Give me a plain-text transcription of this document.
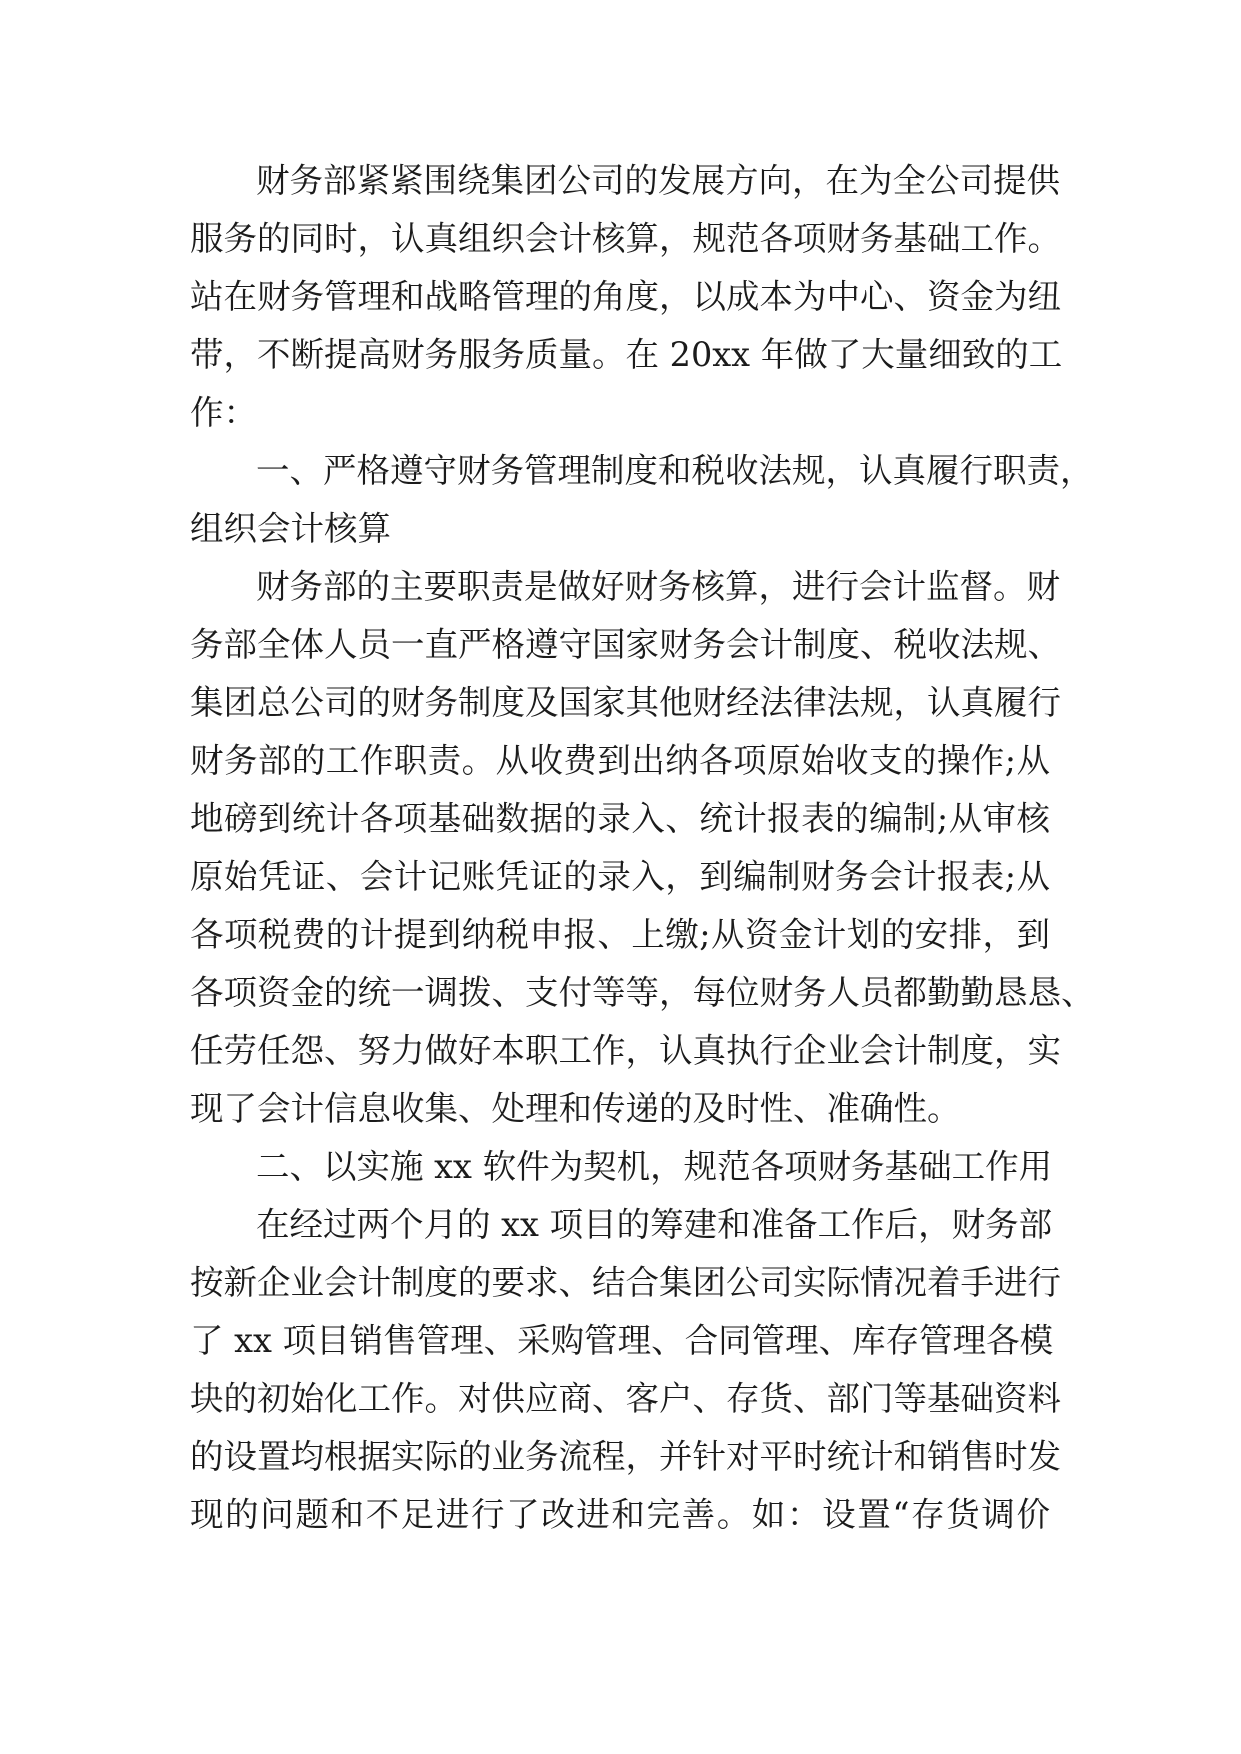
财务部紧紧围绕集团公司的发展方向，在为全公司提供
服务的同时，认真组织会计核算，规范各项财务基础工作。
站在财务管理和战略管理的角度，以成本为中心、资金为纽
带，不断提高财务服务质量。在 20xx 年做了大量细致的工
作：
一、严格遵守财务管理制度和税收法规，认真履行职责，
组织会计核算
财务部的主要职责是做好财务核算，进行会计监督。财
务部全体人员一直严格遵守国家财务会计制度、税收法规、
集团总公司的财务制度及国家其他财经法律法规，认真履行
财务部的工作职责。从收费到出纳各项原始收支的操作;从
地磅到统计各项基础数据的录入、统计报表的编制;从审核
原始凭证、会计记账凭证的录入，到编制财务会计报表;从
各项税费的计提到纳税申报、上缴;从资金计划的安排，到
各项资金的统一调拨、支付等等，每位财务人员都勤勤恳恳、
任劳任怨、努力做好本职工作，认真执行企业会计制度，实
现了会计信息收集、处理和传递的及时性、准确性。
二、以实施 xx 软件为契机，规范各项财务基础工作用
在经过两个月的 xx 项目的筹建和准备工作后，财务部
按新企业会计制度的要求、结合集团公司实际情况着手进行
了 xx 项目销售管理、采购管理、合同管理、库存管理各模
块的初始化工作。对供应商、客户、存货、部门等基础资料
的设置均根据实际的业务流程，并针对平时统计和销售时发
现的问题和不足进行了改进和完善。如：设置“存货调价
